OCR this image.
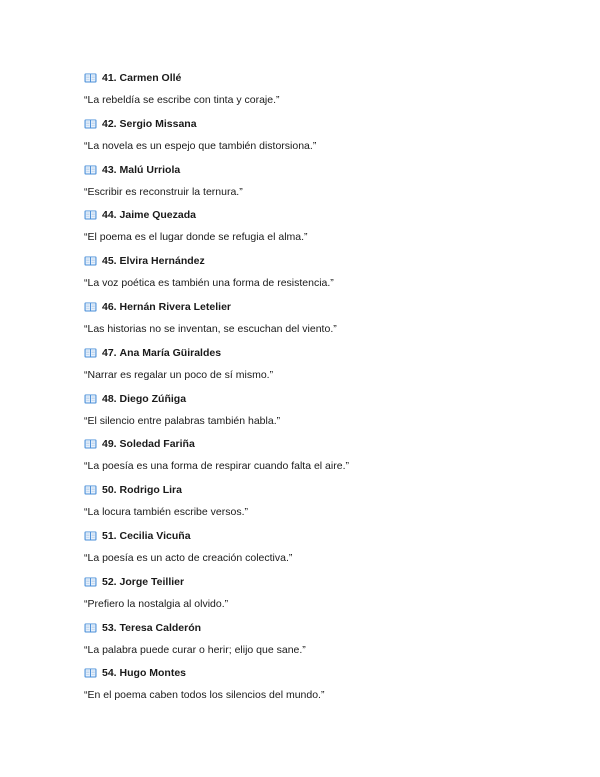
41.
Carmen Ollé
“La rebeldía se escribe con tinta y coraje.”
42.
Sergio Missana
“La novela es un espejo que también distorsiona.”
43.
Malú Urriola
“Escribir es reconstruir la ternura.”
44.
Jaime Quezada
“El poema es el lugar donde se refugia el alma.”
45.
Elvira Hernández
“La voz poética es también una forma de resistencia.”
46.
Hernán Rivera Letelier
“Las historias no se inventan, se escuchan del viento.”
47.
Ana María Güiraldes
“Narrar es regalar un poco de sí mismo.”
48.
Diego Zúñiga
“El silencio entre palabras también habla.”
49.
Soledad Fariña
“La poesía es una forma de respirar cuando falta el aire.”
50.
Rodrigo Lira
“La locura también escribe versos.”
51.
Cecilia Vicuña
“La poesía es un acto de creación colectiva.”
52.
Jorge Teillier
“Prefiero la nostalgia al olvido.”
53.
Teresa Calderón
“La palabra puede curar o herir; elijo que sane.”
54.
Hugo Montes
“En el poema caben todos los silencios del mundo.”
